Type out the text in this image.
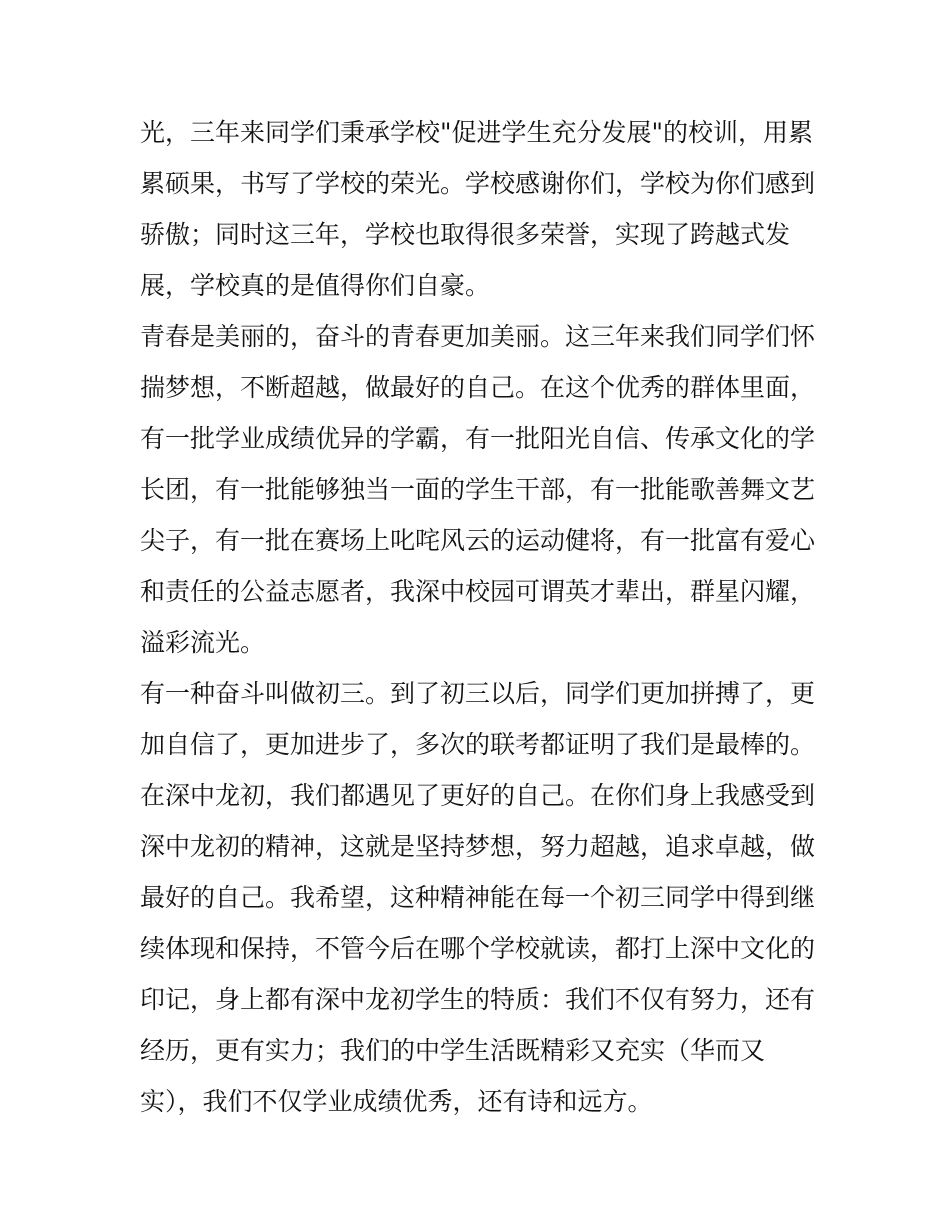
光，三年来同学们秉承学校"促进学生充分发展"的校训，用累
累硕果，书写了学校的荣光。学校感谢你们，学校为你们感到
骄傲；同时这三年，学校也取得很多荣誉，实现了跨越式发
展，学校真的是值得你们自豪。
青春是美丽的，奋斗的青春更加美丽。这三年来我们同学们怀
揣梦想，不断超越，做最好的自己。在这个优秀的群体里面，
有一批学业成绩优异的学霸，有一批阳光自信、传承文化的学
长团，有一批能够独当一面的学生干部，有一批能歌善舞文艺
尖子，有一批在赛场上叱咤风云的运动健将，有一批富有爱心
和责任的公益志愿者，我深中校园可谓英才辈出，群星闪耀，
溢彩流光。
有一种奋斗叫做初三。到了初三以后，同学们更加拼搏了，更
加自信了，更加进步了，多次的联考都证明了我们是最棒的。
在深中龙初，我们都遇见了更好的自己。在你们身上我感受到
深中龙初的精神，这就是坚持梦想，努力超越，追求卓越，做
最好的自己。我希望，这种精神能在每一个初三同学中得到继
续体现和保持，不管今后在哪个学校就读，都打上深中文化的
印记，身上都有深中龙初学生的特质：我们不仅有努力，还有
经历，更有实力；我们的中学生活既精彩又充实（华而又
实），我们不仅学业成绩优秀，还有诗和远方。
